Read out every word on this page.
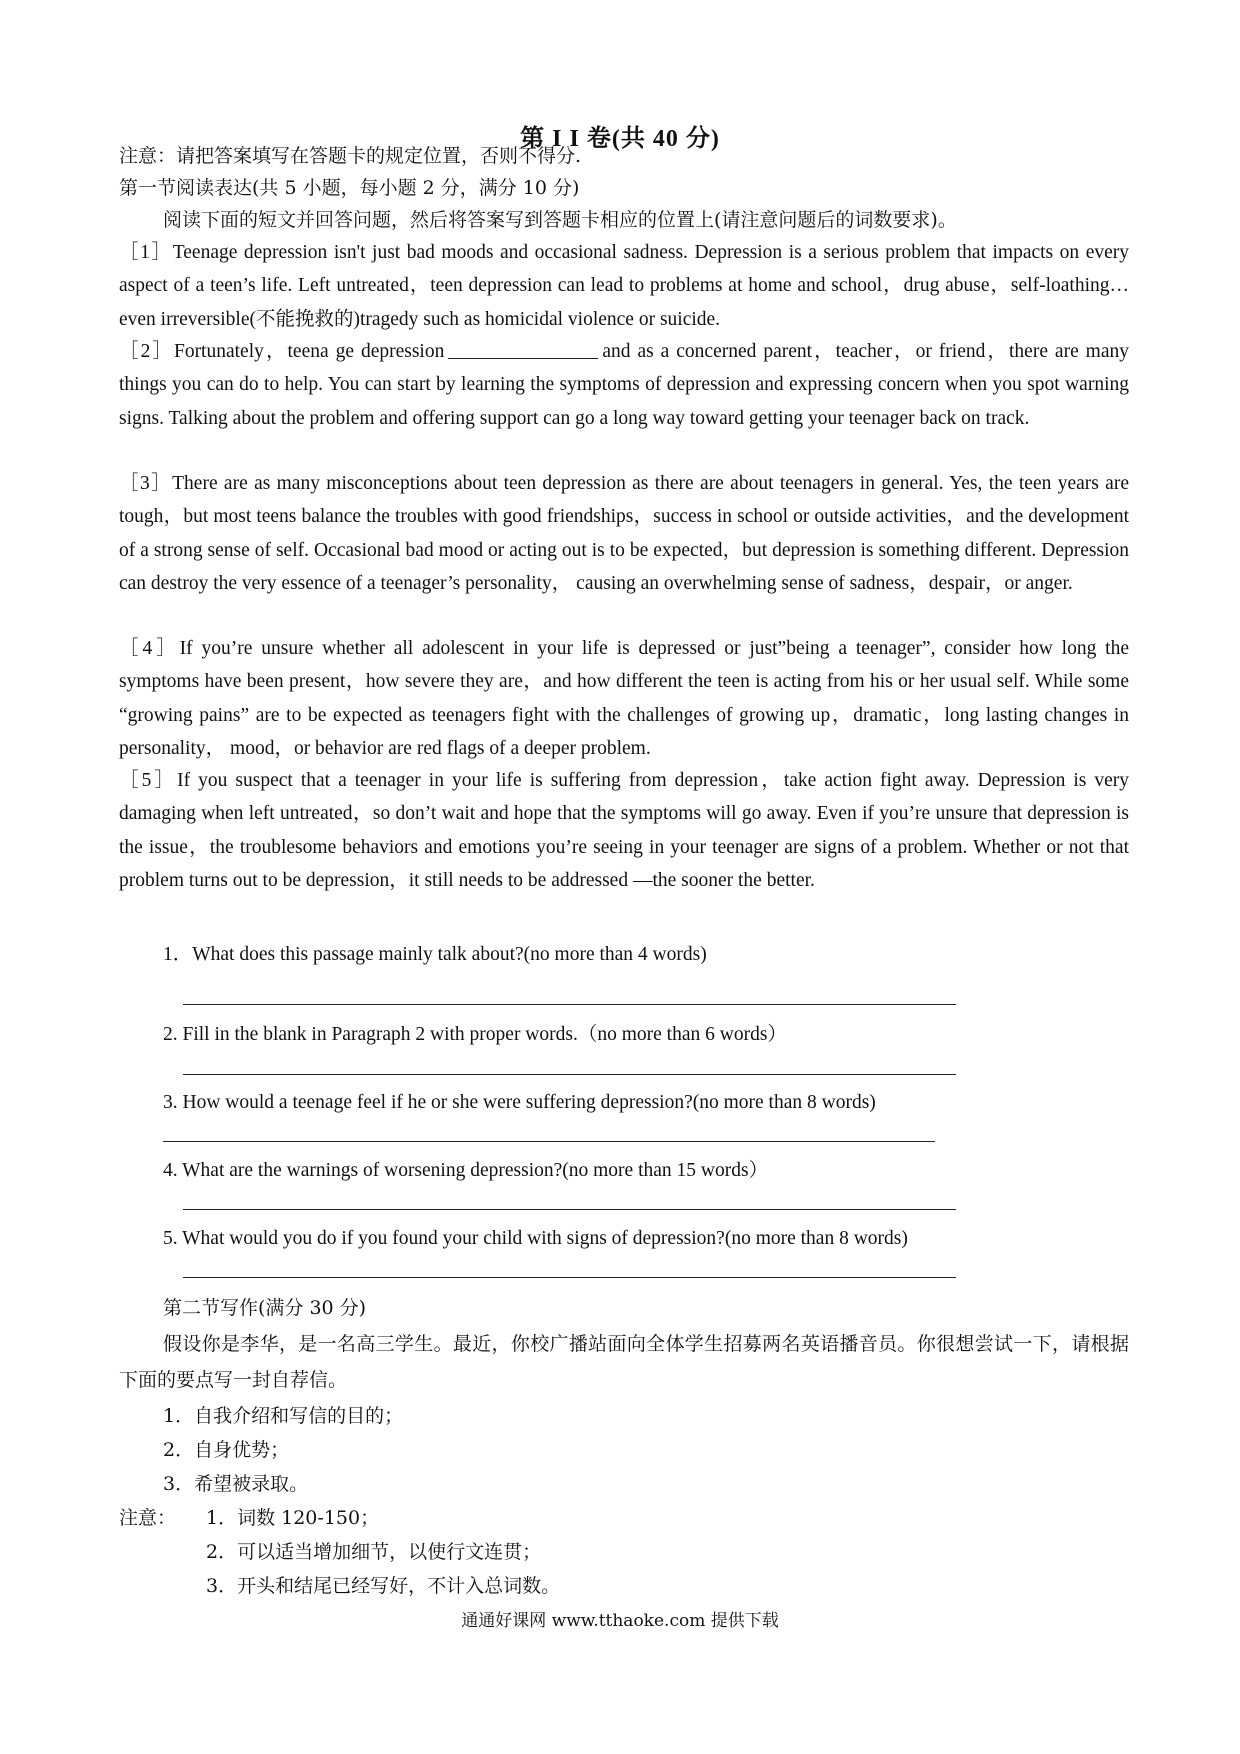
第 I I 卷(共 40 分)
注意：请把答案填写在答题卡的规定位置，否则不得分.
第一节阅读表达(共 5 小题，每小题 2 分，满分 10 分)
阅读下面的短文并回答问题，然后将答案写到答题卡相应的位置上(请注意问题后的词数要求)。
［1］Teenage depression isn't just bad moods and occasional sadness. Depression is a serious problem that impacts on every aspect of a teen’s life. Left untreated，teen depression can lead to problems at home and school，drug abuse，self-loathing…even irreversible(不能挽救的)tragedy such as homicidal violence or suicide.
［2］Fortunately，teena ge depression	and as a concerned parent，teacher，or friend，there are many things you can do to help. You can start by learning the symptoms of depression and expressing concern when you spot warning signs. Talking about the problem and offering support can go a long way toward getting your teenager back on track.
［3］There are as many misconceptions about teen depression as there are about teenagers in general. Yes, the teen years are tough，but most teens balance the troubles with good friendships，success in school or outside activities，and the development of a strong sense of self. Occasional bad mood or acting out is to be expected，but depression is something different. Depression can destroy the very essence of a teenager’s personality， causing an overwhelming sense of sadness，despair，or anger.
［4］If you’re unsure whether all adolescent in your life is depressed or just”being a teenager”, consider how long the symptoms have been present，how severe they are，and how different the teen is acting from his or her usual self. While some “growing pains” are to be expected as teenagers fight with the challenges of growing up，dramatic，long lasting changes in personality， mood，or behavior are red flags of a deeper problem.
［5］If you suspect that a teenager in your life is suffering from depression，take action fight away. Depression is very damaging when left untreated，so don’t wait and hope that the symptoms will go away. Even if you’re unsure that depression is the issue，the troublesome behaviors and emotions you’re seeing in your teenager are signs of a problem. Whether or not that problem turns out to be depression，it still needs to be addressed —the sooner the better.
1．What does this passage mainly talk about?(no more than 4 words)
2. Fill in the blank in Paragraph 2 with proper words.（no more than 6 words）
3. How would a teenage feel if he or she were suffering depression?(no more than 8 words)
4. What are the warnings of worsening depression?(no more than 15 words）
5. What would you do if you found your child with signs of depression?(no more than 8 words)
第二节写作(满分 30 分)
假设你是李华，是一名高三学生。最近，你校广播站面向全体学生招募两名英语播音员。你很想尝试一下，请根据下面的要点写一封自荐信。
1．自我介绍和写信的目的；
2．自身优势；
3．希望被录取。
注意：	1．词数 120-150；
2．可以适当增加细节，以使行文连贯；
3．开头和结尾已经写好，不计入总词数。
通通好课网 www.tthaoke.com 提供下载
